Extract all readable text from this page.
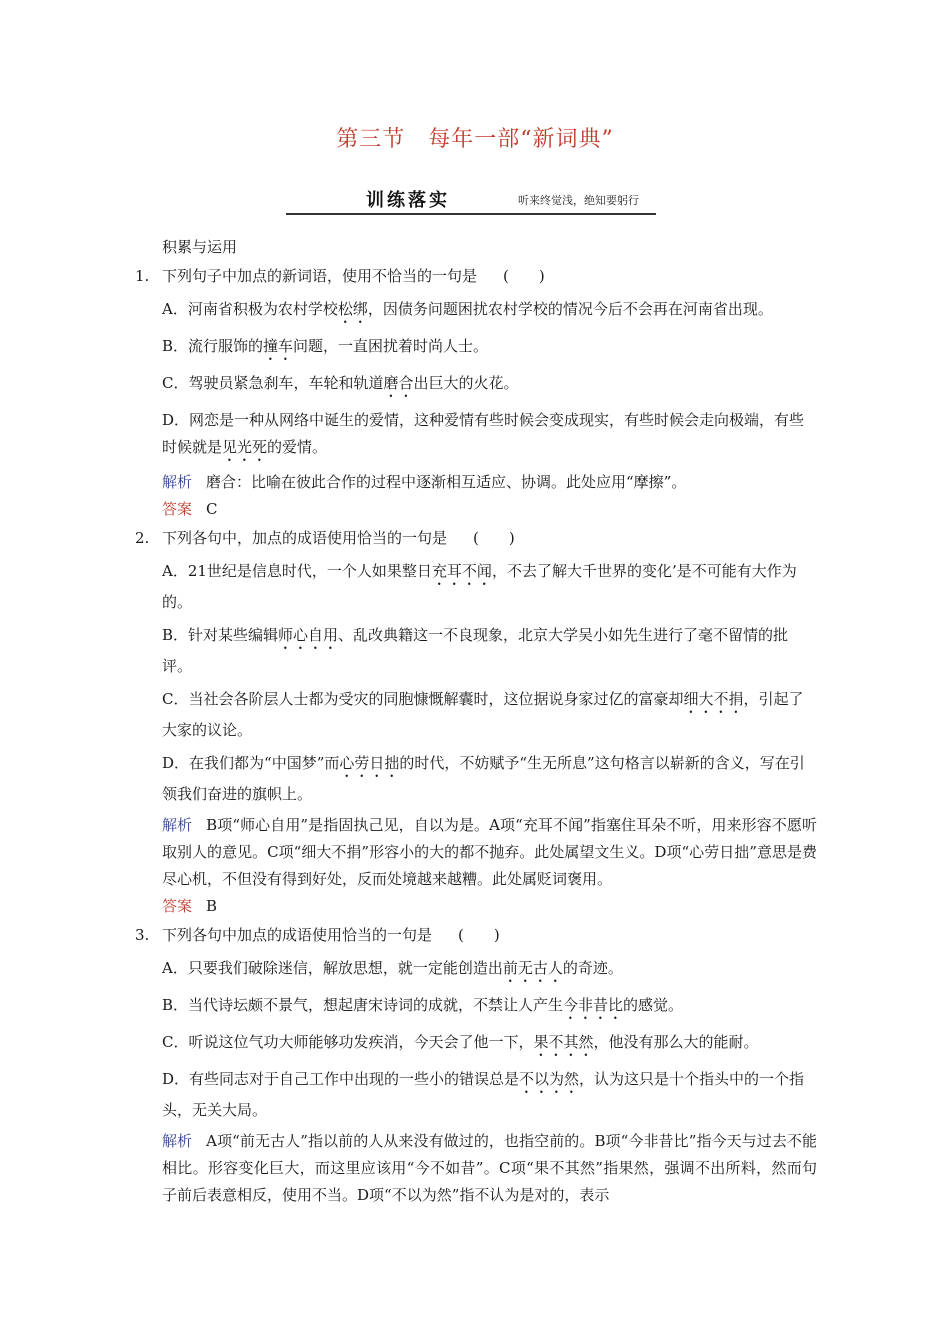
第三节　每年一部“新词典”
训练落实	听来终觉浅，绝知要躬行
积累与运用
1. 下列句子中加点的新词语，使用不恰当的一句是 (　　)
A．河南省积极为农村学校松绑，因债务问题困扰农村学校的情况今后不会再在河南省出现。
B．流行服饰的撞车问题，一直困扰着时尚人士。
C．驾驶员紧急刹车，车轮和轨道磨合出巨大的火花。
D．网恋是一种从网络中诞生的爱情，这种爱情有些时候会变成现实，有些时候会走向极端，有些时候就是见光死的爱情。
解析 磨合：比喻在彼此合作的过程中逐渐相互适应、协调。此处应用“摩擦”。
答案 C
2. 下列各句中，加点的成语使用恰当的一句是 (　　)
A．21世纪是信息时代，一个人如果整日充耳不闻，不去了解大千世界的变化’是不可能有大作为的。
B．针对某些编辑师心自用、乱改典籍这一不良现象，北京大学吴小如先生进行了毫不留情的批评。
C．当社会各阶层人士都为受灾的同胞慷慨解囊时，这位据说身家过亿的富豪却细大不捐，引起了大家的议论。
D．在我们都为“中国梦”而心劳日拙的时代，不妨赋予“生无所息”这句格言以崭新的含义，写在引领我们奋进的旗帜上。
解析 B项“师心自用”是指固执己见，自以为是。A项“充耳不闻”指塞住耳朵不听，用来形容不愿听取别人的意见。C项“细大不捐”形容小的大的都不抛弃。此处属望文生义。D项“心劳日拙”意思是费尽心机，不但没有得到好处，反而处境越来越糟。此处属贬词褒用。
答案 B
3. 下列各句中加点的成语使用恰当的一句是 (　　)
A．只要我们破除迷信，解放思想，就一定能创造出前无古人的奇迹。
B．当代诗坛颇不景气，想起唐宋诗词的成就，不禁让人产生今非昔比的感觉。
C．听说这位气功大师能够功发疾消，今天会了他一下，果不其然，他没有那么大的能耐。
D．有些同志对于自己工作中出现的一些小的错误总是不以为然，认为这只是十个指头中的一个指头，无关大局。
解析 A项“前无古人”指以前的人从来没有做过的，也指空前的。B项“今非昔比”指今天与过去不能相比。形容变化巨大，而这里应该用“今不如昔”。C项“果不其然”指果然，强调不出所料，然而句子前后表意相反，使用不当。D项“不以为然”指不认为是对的，表示
